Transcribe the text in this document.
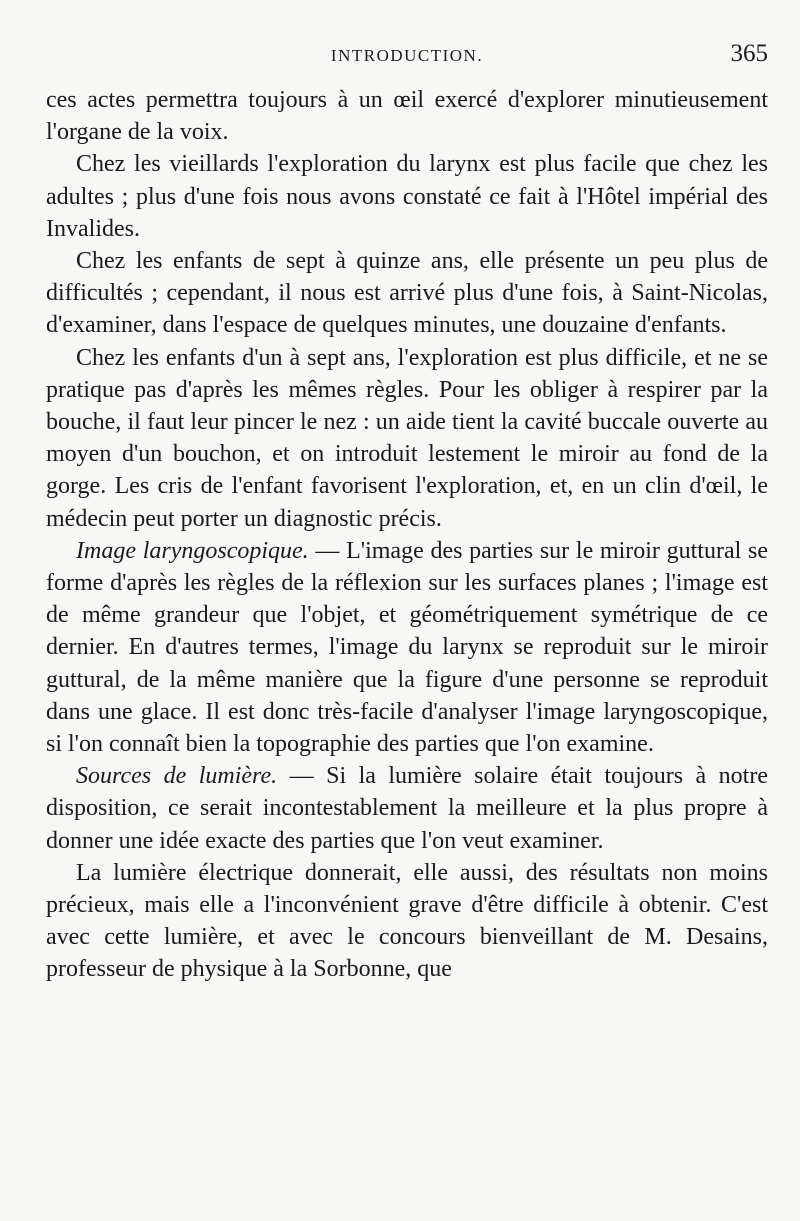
INTRODUCTION.	365

ces actes permettra toujours à un œil exercé d'explorer minutieusement l'organe de la voix.

Chez les vieillards l'exploration du larynx est plus facile que chez les adultes ; plus d'une fois nous avons constaté ce fait à l'Hôtel impérial des Invalides.

Chez les enfants de sept à quinze ans, elle présente un peu plus de difficultés ; cependant, il nous est arrivé plus d'une fois, à Saint-Nicolas, d'examiner, dans l'espace de quelques minutes, une douzaine d'enfants.

Chez les enfants d'un à sept ans, l'exploration est plus difficile, et ne se pratique pas d'après les mêmes règles. Pour les obliger à respirer par la bouche, il faut leur pincer le nez : un aide tient la cavité buccale ouverte au moyen d'un bouchon, et on introduit lestement le miroir au fond de la gorge. Les cris de l'enfant favorisent l'exploration, et, en un clin d'œil, le médecin peut porter un diagnostic précis.

Image laryngoscopique. — L'image des parties sur le miroir guttural se forme d'après les règles de la réflexion sur les surfaces planes ; l'image est de même grandeur que l'objet, et géométriquement symétrique de ce dernier. En d'autres termes, l'image du larynx se reproduit sur le miroir guttural, de la même manière que la figure d'une personne se reproduit dans une glace. Il est donc très-facile d'analyser l'image laryngoscopique, si l'on connaît bien la topographie des parties que l'on examine.

Sources de lumière. — Si la lumière solaire était toujours à notre disposition, ce serait incontestablement la meilleure et la plus propre à donner une idée exacte des parties que l'on veut examiner.

La lumière électrique donnerait, elle aussi, des résultats non moins précieux, mais elle a l'inconvénient grave d'être difficile à obtenir. C'est avec cette lumière, et avec le concours bienveillant de M. Desains, professeur de physique à la Sorbonne, que
